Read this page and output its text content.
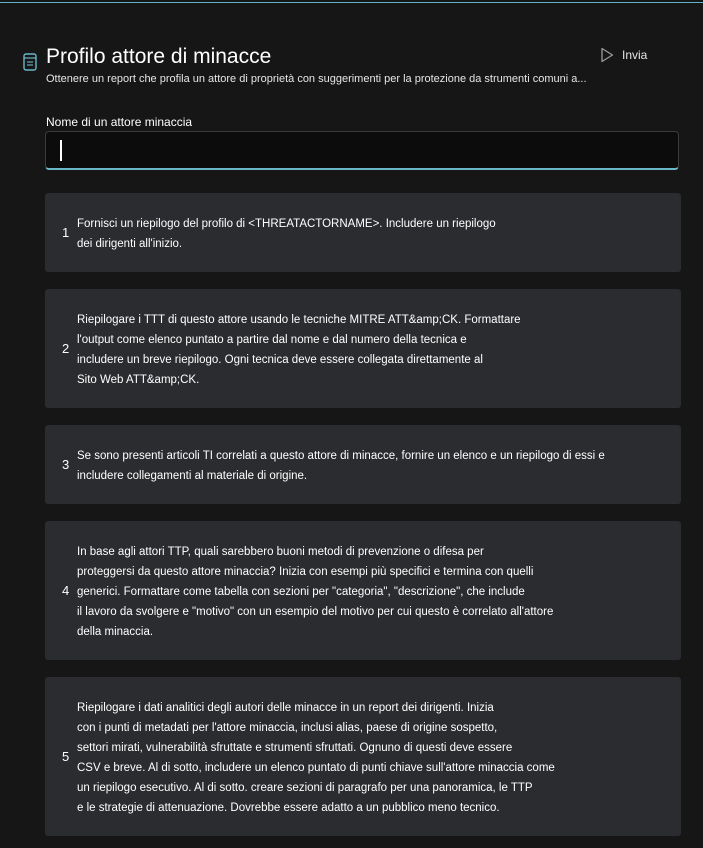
Profilo attore di minacce
Ottenere un report che profila un attore di proprietà con suggerimenti per la protezione da strumenti comuni a...
Invia
Nome di un attore minaccia
1
Fornisci un riepilogo del profilo di <THREATACTORNAME>. Includere un riepilogo
dei dirigenti all'inizio.
2
Riepilogare i TTT di questo attore usando le tecniche MITRE ATT&amp;CK. Formattare
l'output come elenco puntato a partire dal nome e dal numero della tecnica e
includere un breve riepilogo. Ogni tecnica deve essere collegata direttamente al
Sito Web ATT&amp;CK.
3
Se sono presenti articoli TI correlati a questo attore di minacce, fornire un elenco e un riepilogo di essi e
includere collegamenti al materiale di origine.
4
In base agli attori TTP, quali sarebbero buoni metodi di prevenzione o difesa per
proteggersi da questo attore minaccia? Inizia con esempi più specifici e termina con quelli
generici. Formattare come tabella con sezioni per "categoria", "descrizione", che include
il lavoro da svolgere e "motivo" con un esempio del motivo per cui questo è correlato all'attore
della minaccia.
5
Riepilogare i dati analitici degli autori delle minacce in un report dei dirigenti. Inizia
con i punti di metadati per l'attore minaccia, inclusi alias, paese di origine sospetto,
settori mirati, vulnerabilità sfruttate e strumenti sfruttati. Ognuno di questi deve essere
CSV e breve. Al di sotto, includere un elenco puntato di punti chiave sull'attore minaccia come
un riepilogo esecutivo. Al di sotto. creare sezioni di paragrafo per una panoramica, le TTP
e le strategie di attenuazione. Dovrebbe essere adatto a un pubblico meno tecnico.
